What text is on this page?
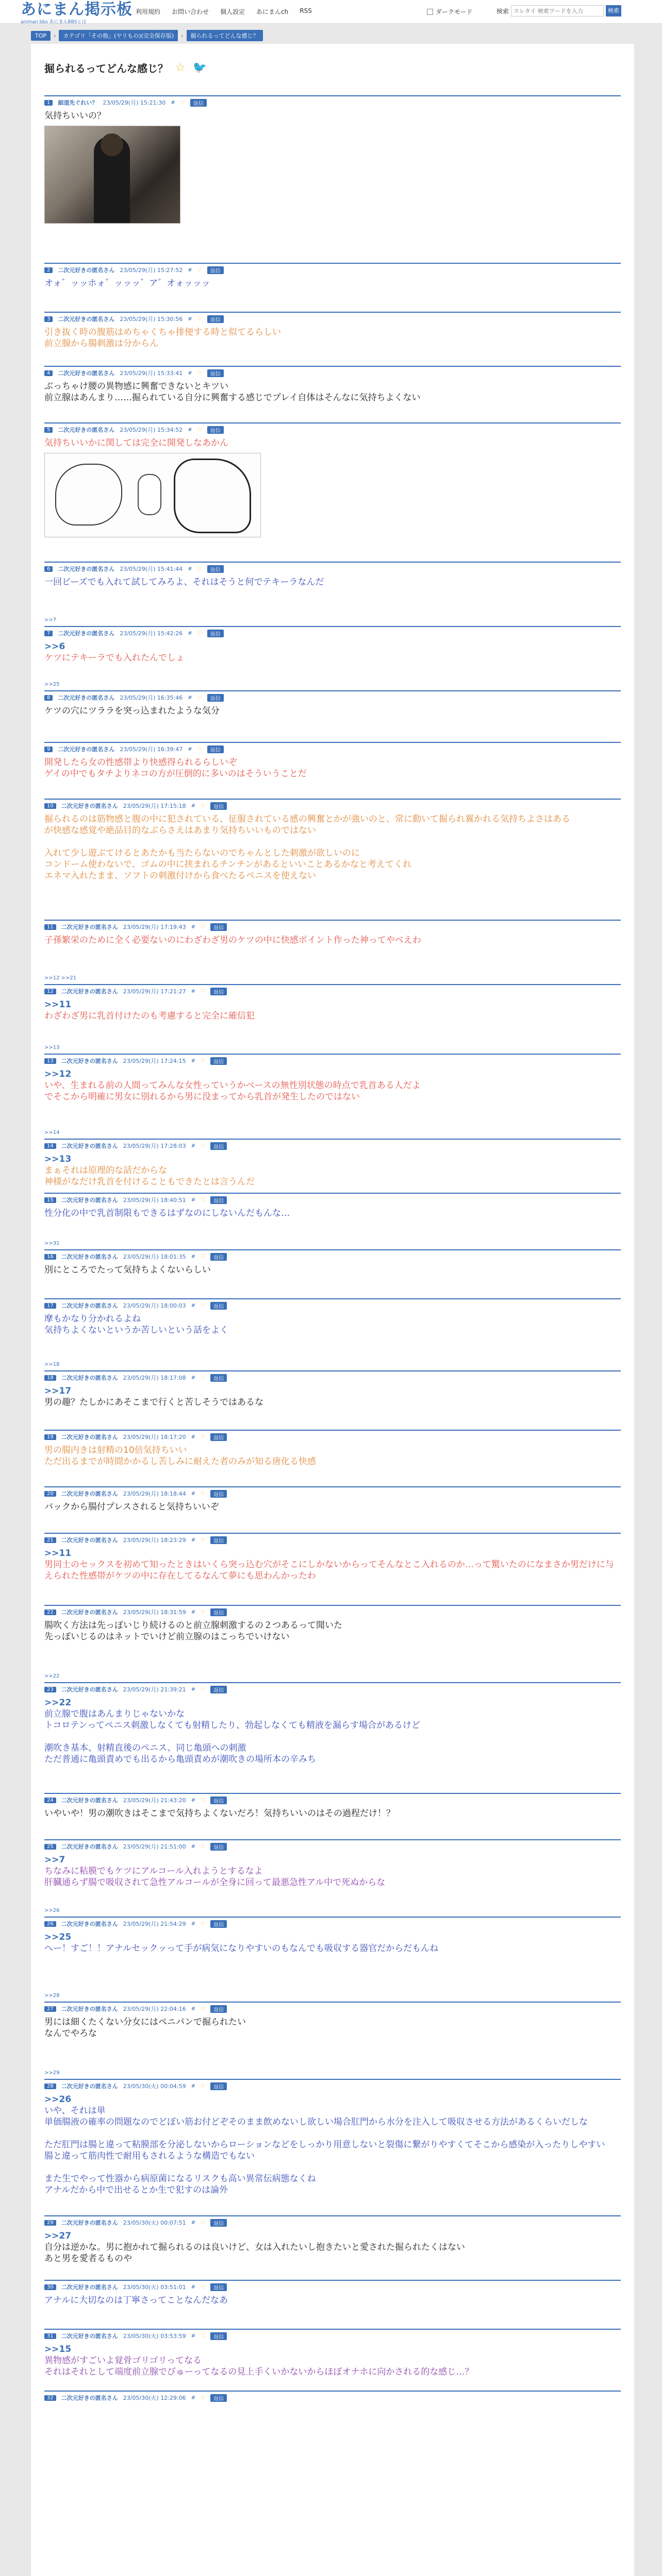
あにまん掲示板
animan bbs あにまんBBSとは
利用規約 お問い合わせ 個人設定 あにまんch RSS	ダークモード	検索
スレタイ 検索ワードを入力	検索
TOP	›	カテゴリ「その他」(ヤリもの)(完全保存版)	›	掘られるってどんな感じ？
掘られるってどんな感じ？ ☆ 🐦
1	細道先ぐれい？ 23/05/29(月) 15:21:30 # ♡	返信

気持ちいいの？

2	二次元好きの匿名さん 23/05/29(月) 15:27:52 # ♡	返信

オォ゛ッッホォ゛ッッッ゛ア゛オォッッッ

3	二次元好きの匿名さん 23/05/29(月) 15:30:56 # ♡	返信

引き抜く時の腹筋はめちゃくちゃ排便する時と似てるらしい

前立腺から腸刺激は分からん

4	二次元好きの匿名さん 23/05/29(月) 15:33:41 # ♡	返信

ぶっちゃけ腰の異物感に興奮できないとキツい

前立腺はあんまり……掘られている自分に興奮する感じでプレイ自体はそんなに気持ちよくない

5	二次元好きの匿名さん 23/05/29(月) 15:34:52 # ♡	返信

気持ちいいかに関しては完全に開発しなあかん

6	二次元好きの匿名さん 23/05/29(月) 15:41:44 # ♡	返信

一回ビーズでも入れて試してみろよ、それはそうと何でテキーラなんだ

>>7
7	二次元好きの匿名さん 23/05/29(月) 15:42:26 # ♡	返信
>>6

ケツにテキーラでも入れたんでしょ

>>25
8	二次元好きの匿名さん 23/05/29(月) 16:35:46 # ♡	返信

ケツの穴にツララを突っ込まれたような気分

9	二次元好きの匿名さん 23/05/29(月) 16:39:47 # ♡	返信

開発したら女の性感帯より快感得られるらしいぞ

ゲイの中でもタチよりネコの方が圧倒的に多いのはそういうことだ

10	二次元好きの匿名さん 23/05/29(月) 17:15:18 # ♡	返信

掘られるのは筋物感と腹の中に犯されている、征服されている感の興奮とかが強いのと、常に動いて掘られ翼かれる気持ちよさはある

が快感な感覚や絶品目的なぶらさえはあまり気持ちいいものではない

入れて少し遊ぶてけるとあたかも当たらないのでちゃんとした刺激が欲しいのに

コンドーム使わないで、ゴムの中に挟まれるチンチンがあるといいことあるかなと考えてくれ

エネマ入れたまま、ソフトの刺激付けから食べたるペニスを使えない

11	二次元好きの匿名さん 23/05/29(月) 17:19:43 # ♡	返信

子孫繁栄のために全く必要ないのにわざわざ男のケツの中に快感ポイント作った神ってやべえわ

>>12 >>21
12	二次元好きの匿名さん 23/05/29(月) 17:21:27 # ♡	返信
>>11

わざわざ男に乳首付けたのも考慮すると完全に確信犯

>>13
13	二次元好きの匿名さん 23/05/29(月) 17:24:15 # ♡	返信
>>12

いや、生まれる前の人間ってみんな女性っていうかベースの無性別状態の時点で乳首ある人だよ

でそこから明確に男女に別れるから男に没まってから乳首が発生したのではない

>>14
14	二次元好きの匿名さん 23/05/29(月) 17:28:03 # ♡	返信
>>13

まぁそれは原理的な話だからな

神様がなだけ乳首を付けることもできたとは言うんだ

15	二次元好きの匿名さん 23/05/29(月) 18:40:51 # ♡	返信

性分化の中で乳首制限もできるはずなのにしないんだもんな…

>>31
16	二次元好きの匿名さん 23/05/29(月) 18:01:35 # ♡	返信

別にところでたって気持ちよくないらしい

17	二次元好きの匿名さん 23/05/29(月) 18:00:03 # ♡	返信

摩もかなり分かれるよね

気持ちよくないというか苦しいという話をよく

>>18
18	二次元好きの匿名さん 23/05/29(月) 18:17:08 # ♡	返信
>>17

男の趣？たしかにあそこまで行くと苦しそうではあるな

19	二次元好きの匿名さん 23/05/29(月) 18:17:20 # ♡	返信

男の腸内きは射精の10倍気持ちいい

ただ出るまでが時間かかるし苦しみに耐えた者のみが知る唐化る快感

20	二次元好きの匿名さん 23/05/29(月) 18:18:44 # ♡	返信

バックから腸付プレスされると気持ちいいぞ

21	二次元好きの匿名さん 23/05/29(月) 18:23:29 # ♡	返信
>>11

男同士のセックスを初めて知ったときはいくら突っ込む穴がそこにしかないからってそんなとこ入れるのか…って驚いたのになまさか男だけに与えられた性感帯がケツの中に存在してるなんて夢にも思わんかったわ

22	二次元好きの匿名さん 23/05/29(月) 18:31:59 # ♡	返信

腸吹く方法は先っぽいじり続けるのと前立腺刺激するの２つあるって聞いた

先っぽいじるのはネットでいけど前立腺のはこっちでいけない

>>22
23	二次元好きの匿名さん 23/05/29(月) 21:39:21 # ♡	返信
>>22

前立腺で腹はあんまりじゃないかな

トコロテンってペニス刺激しなくても射精したり、勃起しなくても精液を漏らす場合があるけど

潮吹き基本、射精直後のペニス、同じ亀頭への刺激

ただ普通に亀頭責めでも出るから亀頭責めが潮吹きの場所本の辛みち

24	二次元好きの匿名さん 23/05/29(月) 21:43:20 # ♡	返信

いやいや！男の潮吹きはそこまで気持ちよくないだろ！気持ちいいのはその過程だけ！？

25	二次元好きの匿名さん 23/05/29(月) 21:51:00 # ♡	返信
>>7

ちなみに粘膜でもケツにアルコール入れようとするなよ

肝臓通らず腸で吸収されて急性アルコールが全身に回って最悪急性アル中で死ぬからな

>>26
26	二次元好きの匿名さん 23/05/29(月) 21:54:29 # ♡	返信
>>25

へー！すご！！アナルセックッって手が病気になりやすいのもなんでも吸収する器官だからだもんね

>>28
27	二次元好きの匿名さん 23/05/29(月) 22:04:16 # ♡	返信

男には細くたくない分女にはペニパンで掘られたい

なんでやろな

>>29
28	二次元好きの匿名さん 23/05/30(火) 00:04:59 # ♡	返信
>>26

いや、それは単

単価腸液の確率の問題なのでどぼい筋お付どぞそのまま飲めないし欲しい場合肛門から水分を注入して吸収させる方法があるくらいだしな

ただ肛門は腸と違って粘膜部を分泌しないからローションなどをしっかり用意しないと裂傷に繋がりやすくてそこから感染が入ったりしやすい

腸と違って筋肉性で耐用もされるような構造でもない

また生でやって性器から病原菌になるリスクも高い異常伝病態なくね

アナルだから中で出せるとか生で犯すのは論外

29	二次元好きの匿名さん 23/05/30(火) 00:07:51 # ♡	返信
>>27

自分は逆かな。男に抱かれて掘られるのは良いけど、女は入れたいし抱きたいと愛された掘られたくはない

あと男を愛者るものや

30	二次元好きの匿名さん 23/05/30(火) 03:51:01 # ♡	返信

アナルに大切なのは丁寧さってことなんだなあ

31	二次元好きの匿名さん 23/05/30(火) 03:53:59 # ♡	返信
>>15

異物感がすごいよ覚骨ゴリゴリってなる

それはそれとして端度前立腺でびゅーってなるの見上手くいかないからほぼオナホに向かされる的な感じ…？

32	二次元好きの匿名さん 23/05/30(火) 12:29:06 # ♡	返信
